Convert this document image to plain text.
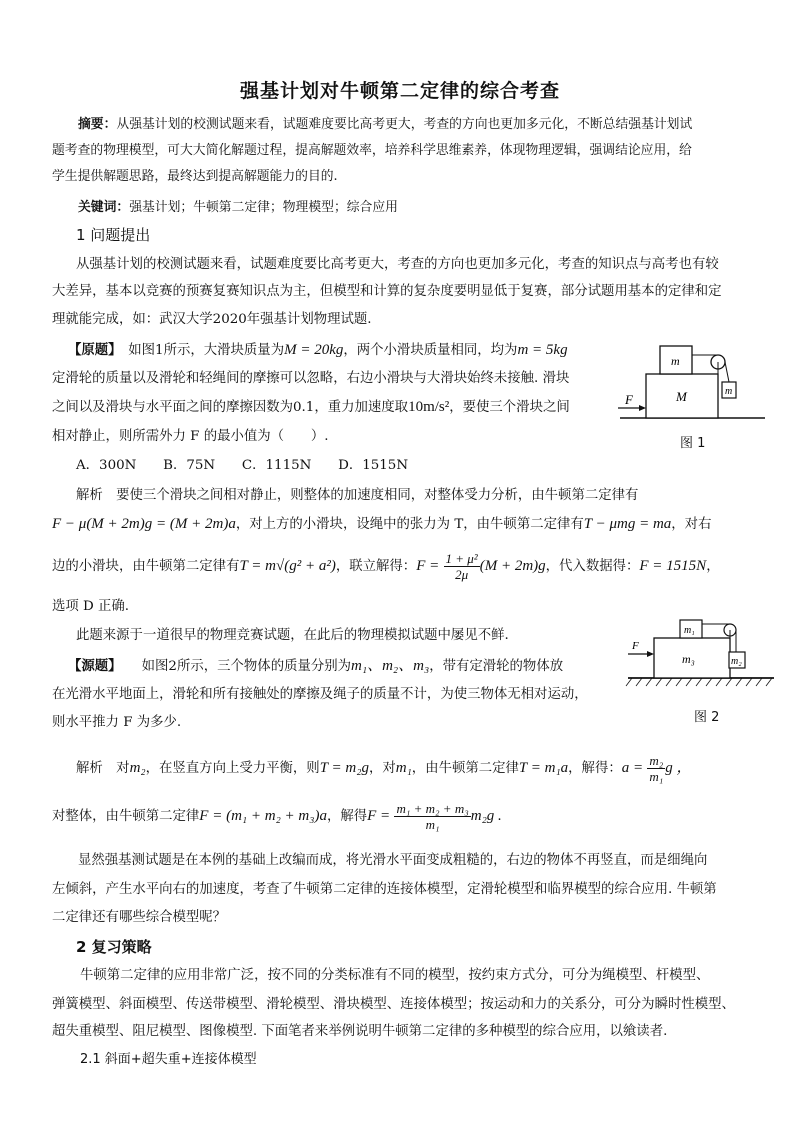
强基计划对牛顿第二定律的综合考查
摘要：从强基计划的校测试题来看，试题难度要比高考更大，考查的方向也更加多元化，不断总结强基计划试
题考查的物理模型，可大大简化解题过程，提高解题效率，培养科学思维素养，体现物理逻辑，强调结论应用，给
学生提供解题思路，最终达到提高解题能力的目的.
关键词：强基计划；牛顿第二定律；物理模型；综合应用
1 问题提出
从强基计划的校测试题来看，试题难度要比高考更大，考查的方向也更加多元化，考查的知识点与高考也有较
大差异，基本以竞赛的预赛复赛知识点为主，但模型和计算的复杂度要明显低于复赛，部分试题用基本的定律和定
理就能完成，如：武汉大学2020年强基计划物理试题.
【原题】　 如图1所示，大滑块质量为M = 20kg，两个小滑块质量相同，均为m = 5kg
定滑轮的质量以及滑轮和轻绳间的摩擦可以忽略，右边小滑块与大滑块始终未接触. 滑块
之间以及滑块与水平面之间的摩擦因数为0.1，重力加速度取10m/s²，要使三个滑块之间
相对静止，则所需外力 F 的最小值为（　　）.
A．300N　　 B．75N　　 C．1115N　　 D．1515N
M
m
m
F
图 1
解析　要使三个滑块之间相对静止，则整体的加速度相同，对整体受力分析，由牛顿第二定律有
F − μ(M + 2m)g = (M + 2m)a，对上方的小滑块，设绳中的张力为 T，由牛顿第二定律有T − μmg = ma，对右
边的小滑块，由牛顿第二定律有T = m√(g² + a²)，联立解得：$F = \frac{\text{1 + μ²}}{2\mu} (M + 2m)g$，代入数据得：F = 1515N，
选项 D 正确.
此题来源于一道很早的物理竞赛试题，在此后的物理模拟试题中屡见不鲜.
【源题】　　 如图2所示，三个物体的质量分别为m₁、m₂、m₃，带有定滑轮的物体放
在光滑水平地面上，滑轮和所有接触处的摩擦及绳子的质量不计，为使三物体无相对运动，
则水平推力 F 为多少.
m₃
m₁
m₂
F
图 2
解析　对m₂，在竖直方向上受力平衡，则T = m₂g，对m₁，由牛顿第二定律T = m₁a，解得：$a = \frac{\text{m₂}}{\text{m₁}}$ g ，
对整体，由牛顿第二定律F = (m₁ + m₂ + m₃)a，解得$F = \frac{\text{m₁ + m₂ + m₃}}{\text{m₁}} m_2g$ .
显然强基测试题是在本例的基础上改编而成，将光滑水平面变成粗糙的，右边的物体不再竖直，而是细绳向
左倾斜，产生水平向右的加速度，考查了牛顿第二定律的连接体模型，定滑轮模型和临界模型的综合应用. 牛顿第
二定律还有哪些综合模型呢？
2 复习策略
牛顿第二定律的应用非常广泛，按不同的分类标准有不同的模型，按约束方式分，可分为绳模型、杆模型、
弹簧模型、斜面模型、传送带模型、滑轮模型、滑块模型、连接体模型；按运动和力的关系分，可分为瞬时性模型、
超失重模型、阻尼模型、图像模型. 下面笔者来举例说明牛顿第二定律的多种模型的综合应用，以飨读者.
2.1 斜面+超失重+连接体模型
